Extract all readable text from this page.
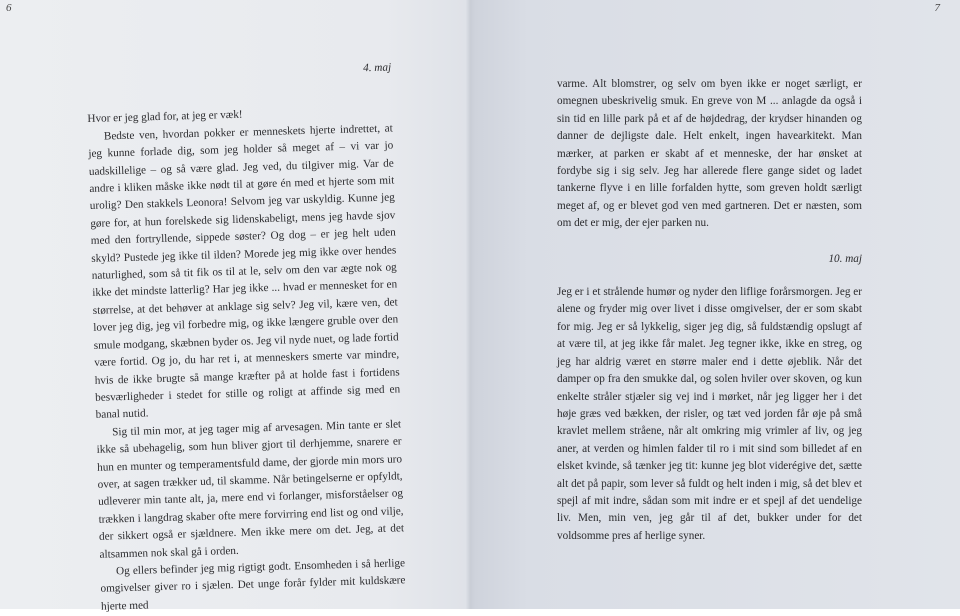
6
4. maj

Hvor er jeg glad for, at jeg er væk!

Bedste ven, hvordan pokker er menneskets hjerte indrettet, at jeg kunne forlade dig, som jeg holder så meget af – vi var jo uadskillelige – og så være glad. Jeg ved, du tilgiver mig. Var de andre i kliken måske ikke nødt til at gøre én med et hjerte som mit urolig? Den stakkels Leonora! Selvom jeg var uskyldig. Kunne jeg gøre for, at hun forelskede sig lidenskabeligt, mens jeg havde sjov med den fortryllende, sippede søster? Og dog – er jeg helt uden skyld? Pustede jeg ikke til ilden? Morede jeg mig ikke over hendes naturlighed, som så tit fik os til at le, selv om den var ægte nok og ikke det mindste latterlig? Har jeg ikke ... hvad er mennesket for en størrelse, at det behøver at anklage sig selv? Jeg vil, kære ven, det lover jeg dig, jeg vil forbedre mig, og ikke længere gruble over den smule modgang, skæbnen byder os. Jeg vil nyde nuet, og lade fortid være fortid. Og jo, du har ret i, at menneskers smerte var mindre, hvis de ikke brugte så mange kræfter på at holde fast i fortidens besværligheder i stedet for stille og roligt at affinde sig med en banal nutid.

Sig til min mor, at jeg tager mig af arvesagen. Min tante er slet ikke så ubehagelig, som hun bliver gjort til derhjemme, snarere er hun en munter og temperamentsfuld dame, der gjorde min mors uro over, at sagen trækker ud, til skamme. Når betingelserne er opfyldt, udleverer min tante alt, ja, mere end vi forlanger, misforståelser og trækken i langdrag skaber ofte mere forvirring end list og ond vilje, der sikkert også er sjældnere. Men ikke mere om det. Jeg, at det altsammen nok skal gå i orden.

Og ellers befinder jeg mig rigtigt godt. Ensomheden i så herlige omgivelser giver ro i sjælen. Det unge forår fylder mit kuldskære hjerte med

7

varme. Alt blomstrer, og selv om byen ikke er noget særligt, er omegnen ubeskrivelig smuk. En greve von M ... anlagde da også i sin tid en lille park på et af de højdedrag, der krydser hinanden og danner de dejligste dale. Helt enkelt, ingen havearkitekt. Man mærker, at parken er skabt af et menneske, der har ønsket at fordybe sig i sig selv. Jeg har allerede flere gange sidet og ladet tankerne flyve i en lille forfalden hytte, som greven holdt særligt meget af, og er blevet god ven med gartneren. Det er næsten, som om det er mig, der ejer parken nu.

10. maj

Jeg er i et strålende humør og nyder den liflige forårsmorgen. Jeg er alene og fryder mig over livet i disse omgivelser, der er som skabt for mig. Jeg er så lykkelig, siger jeg dig, så fuldstændig opslugt af at være til, at jeg ikke får malet. Jeg tegner ikke, ikke en streg, og jeg har aldrig været en større maler end i dette øjeblik. Når det damper op fra den smukke dal, og solen hviler over skoven, og kun enkelte stråler stjæler sig vej ind i mørket, når jeg ligger her i det høje græs ved bækken, der risler, og tæt ved jorden får øje på små kravlet mellem stråene, når alt omkring mig vrimler af liv, og jeg aner, at verden og himlen falder til ro i mit sind som billedet af en elsket kvinde, så tænker jeg tit: kunne jeg blot viderégive det, sætte alt det på papir, som lever så fuldt og helt inden i mig, så det blev et spejl af mit indre, sådan som mit indre er et spejl af det uendelige liv. Men, min ven, jeg går til af det, bukker under for det voldsomme pres af herlige syner.
